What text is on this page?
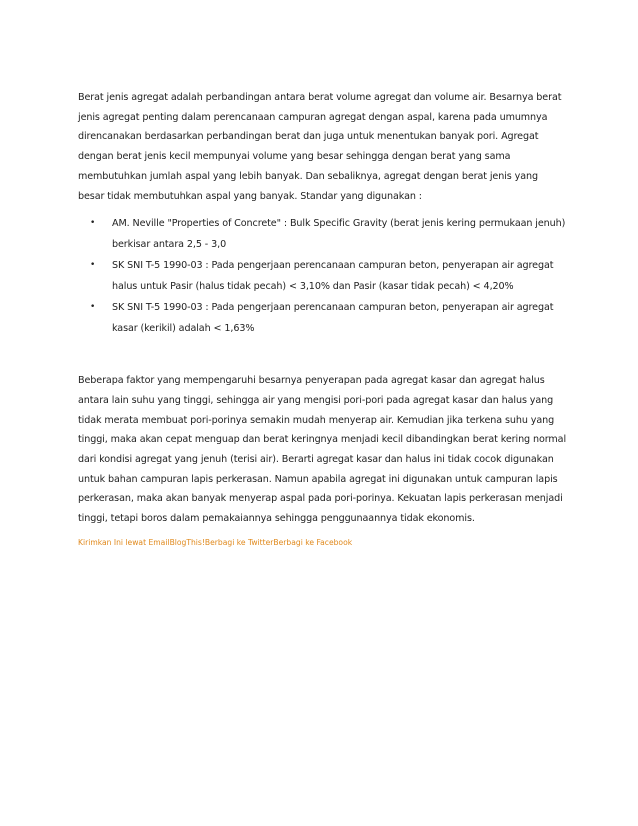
Berat jenis agregat adalah perbandingan antara berat volume agregat dan volume air. Besarnya berat jenis agregat penting dalam perencanaan campuran agregat dengan aspal, karena pada umumnya direncanakan berdasarkan perbandingan berat dan juga untuk menentukan banyak pori. Agregat dengan berat jenis kecil mempunyai volume yang besar sehingga dengan berat yang sama membutuhkan jumlah aspal yang lebih banyak. Dan sebaliknya, agregat dengan berat jenis yang besar tidak membutuhkan aspal yang banyak. Standar yang digunakan :

• AM. Neville "Properties of Concrete" : Bulk Specific Gravity (berat jenis kering permukaan jenuh) berkisar antara 2,5 - 3,0
• SK SNI T-5 1990-03 : Pada pengerjaan perencanaan campuran beton, penyerapan air agregat halus untuk Pasir (halus tidak pecah) < 3,10% dan Pasir (kasar tidak pecah) < 4,20%
• SK SNI T-5 1990-03 : Pada pengerjaan perencanaan campuran beton, penyerapan air agregat kasar (kerikil) adalah < 1,63%

Beberapa faktor yang mempengaruhi besarnya penyerapan pada agregat kasar dan agregat halus antara lain suhu yang tinggi, sehingga air yang mengisi pori-pori pada agregat kasar dan halus yang tidak merata membuat pori-porinya semakin mudah menyerap air. Kemudian jika terkena suhu yang tinggi, maka akan cepat menguap dan berat keringnya menjadi kecil dibandingkan berat kering normal dari kondisi agregat yang jenuh (terisi air). Berarti agregat kasar dan halus ini tidak cocok digunakan untuk bahan campuran lapis perkerasan. Namun apabila agregat ini digunakan untuk campuran lapis perkerasan, maka akan banyak menyerap aspal pada pori-porinya. Kekuatan lapis perkerasan menjadi tinggi, tetapi boros dalam pemakaiannya sehingga penggunaannya tidak ekonomis.

Kirimkan Ini lewat EmailBlogThis!Berbagi ke TwitterBerbagi ke Facebook
